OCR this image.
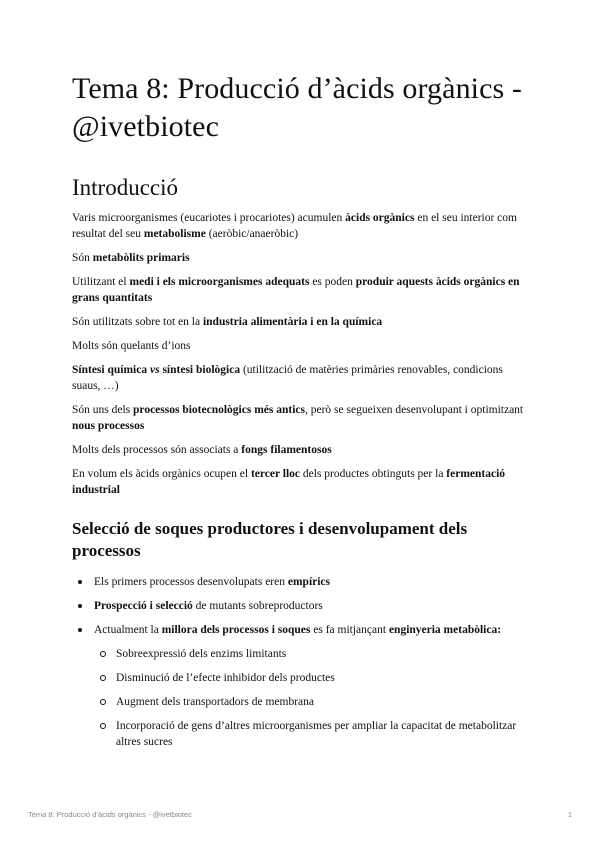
Tema 8: Producció d’àcids orgànics - @ivetbiotec
Introducció

Varis microorganismes (eucariotes i procariotes) acumulen àcids orgànics en el seu interior com resultat del seu metabolisme (aeròbic/anaeròbic)

Són metabòlits primaris

Utilitzant el medi i els microorganismes adequats es poden produir aquests àcids orgànics en grans quantitats

Són utilitzats sobre tot en la industria alimentària i en la química

Molts són quelants d’ions

Síntesi química vs síntesi biològica (utilització de matèries primàries renovables, condicions suaus, …)

Són uns dels processos biotecnològics més antics, però se segueixen desenvolupant i optimitzant nous processos

Molts dels processos són associats a fongs filamentosos

En volum els àcids orgànics ocupen el tercer lloc dels productes obtinguts per la fermentació industrial

Selecció de soques productores i desenvolupament dels processos
Els primers processos desenvolupats eren empírics
Prospecció i selecció de mutants sobreproductors
Actualment la millora dels processos i soques es fa mitjançant enginyeria metabòlica:
Sobreexpressió dels enzims limitants
Disminució de l’efecte inhibidor dels productes
Augment dels transportadors de membrana
Incorporació de gens d’altres microorganismes per ampliar la capacitat de metabolitzar altres sucres
Tema 8: Producció d’àcids orgànics - @ivetbiotec	1
